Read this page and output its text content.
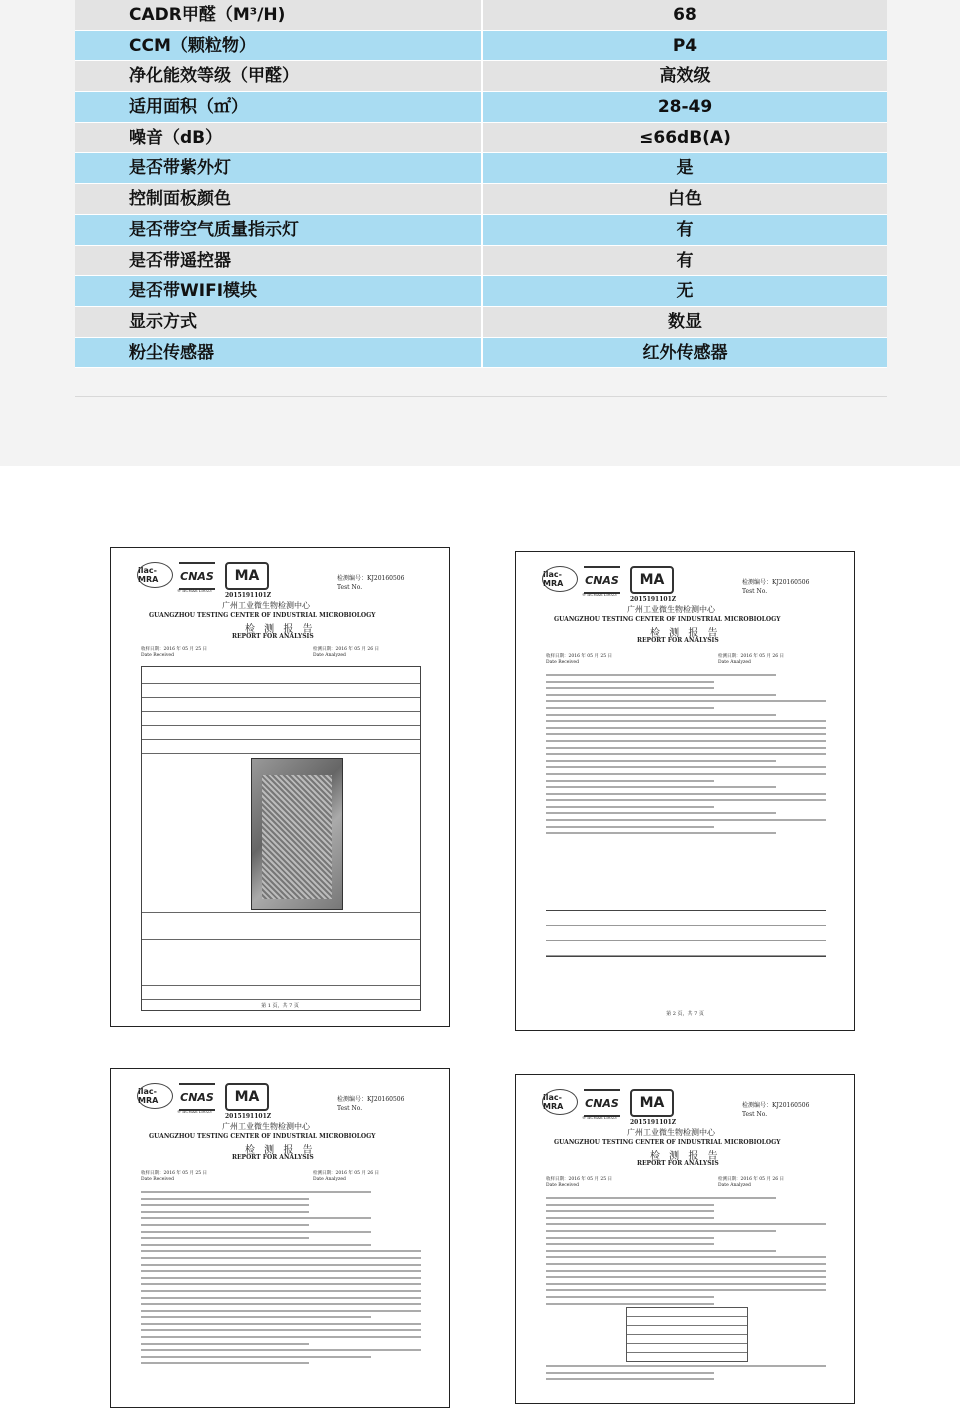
CADR甲醛（M³/H)	68
CCM（颗粒物）	P4
净化能效等级（甲醛）	高效级
适用面积（㎡）	28-49
噪音（dB）	≤66dB(A)
是否带紫外灯	是
控制面板颜色	白色
是否带空气质量指示灯	有
是否带遥控器	有
是否带WIFI模块	无
显示方式	数显
粉尘传感器	红外传感器
ilac-MRA	CNAS	MA
® IICNAS L0023
检测编号：KJ20160506
Test No.
2015191101Z
广州工业微生物检测中心
GUANGZHOU TESTING CENTER OF INDUSTRIAL MICROBIOLOGY
检 测 报 告
REPORT FOR ANALYSIS
收样日期：2016 年 05 月 25 日
Date Received
检测日期：2016 年 05 月 26 日
Date Analyzed
第 1 页，共 7 页
ilac-MRA	CNAS	MA
® IICNAS L0023
检测编号：KJ20160506
Test No.
2015191101Z
广州工业微生物检测中心
GUANGZHOU TESTING CENTER OF INDUSTRIAL MICROBIOLOGY
检 测 报 告
REPORT FOR ANALYSIS
收样日期：2016 年 05 月 25 日
Date Received
检测日期：2016 年 05 月 26 日
Date Analyzed
第 2 页，共 7 页
ilac-MRA	CNAS	MA
® IICNAS L0023
检测编号：KJ20160506
Test No.
2015191101Z
广州工业微生物检测中心
GUANGZHOU TESTING CENTER OF INDUSTRIAL MICROBIOLOGY
检 测 报 告
REPORT FOR ANALYSIS
收样日期：2016 年 05 月 25 日
Date Received
检测日期：2016 年 05 月 26 日
Date Analyzed
ilac-MRA	CNAS	MA
® IICNAS L0023
检测编号：KJ20160506
Test No.
2015191101Z
广州工业微生物检测中心
GUANGZHOU TESTING CENTER OF INDUSTRIAL MICROBIOLOGY
检 测 报 告
REPORT FOR ANALYSIS
收样日期：2016 年 05 月 25 日
Date Received
检测日期：2016 年 05 月 26 日
Date Analyzed
